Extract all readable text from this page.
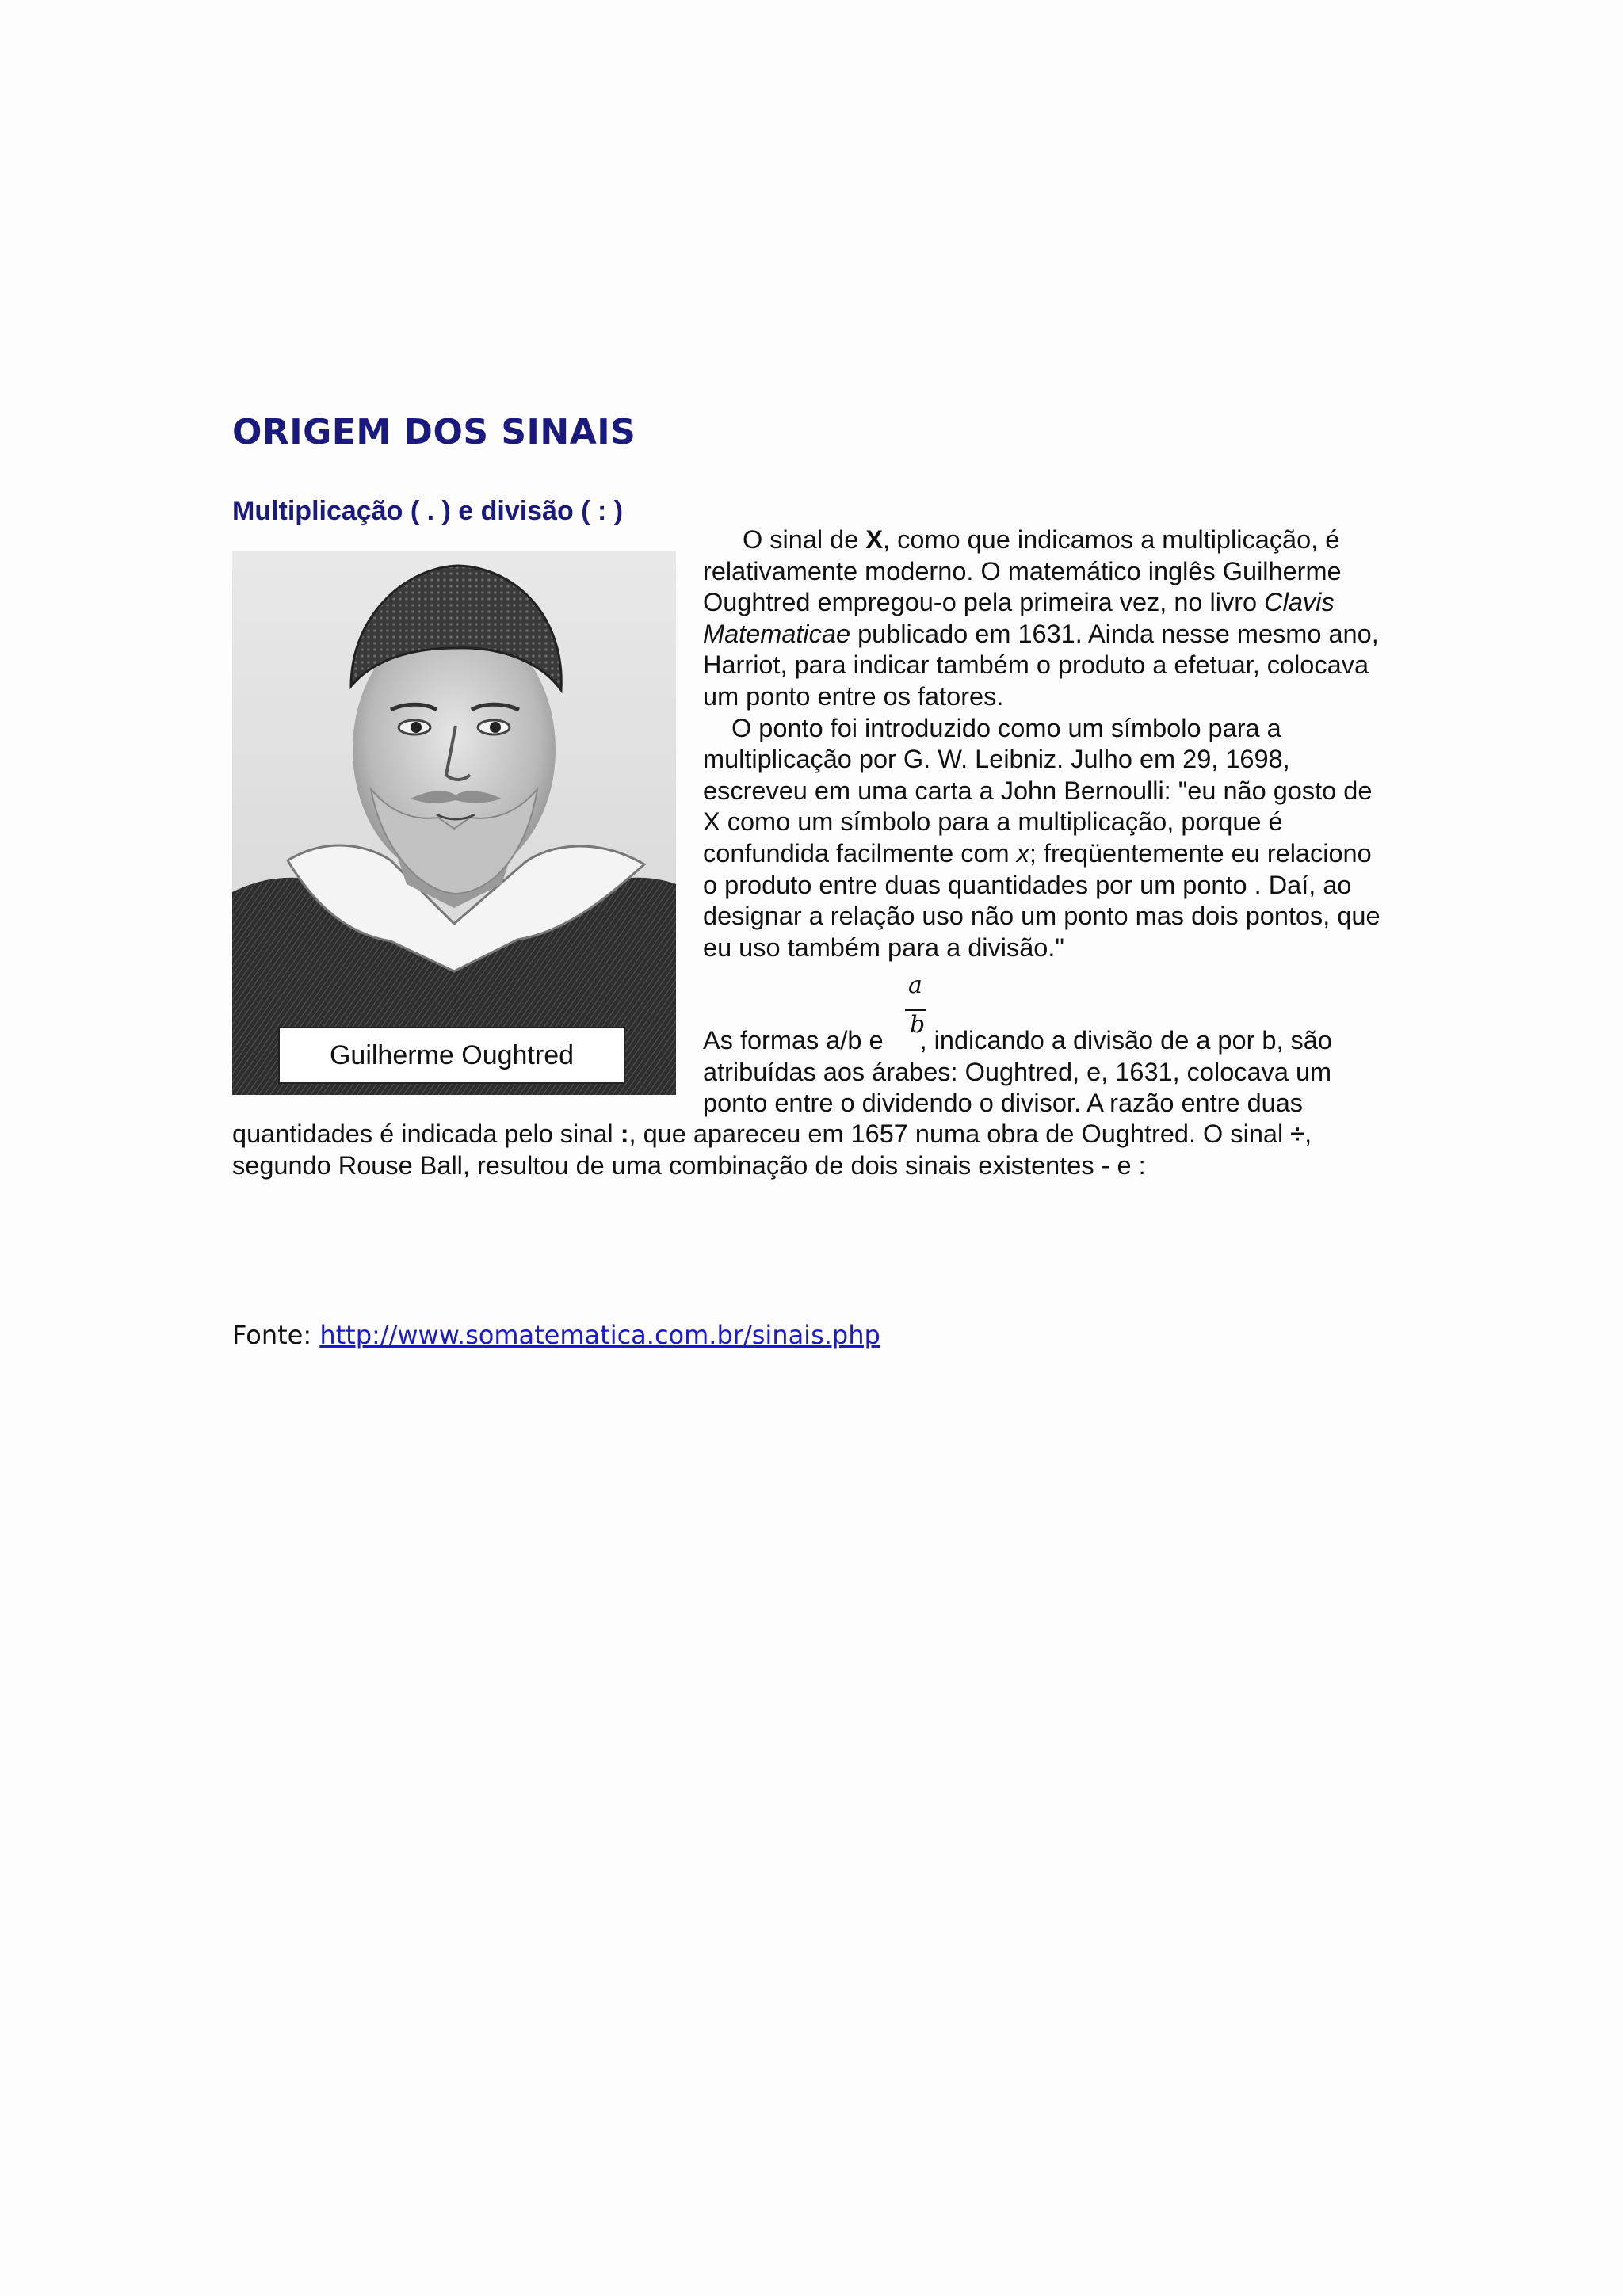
ORIGEM DOS SINAIS
Multiplicação ( . ) e divisão ( : )
Guilherme Oughtred

O sinal de X, como que indicamos a multiplicação, é relativamente moderno. O matemático inglês Guilherme Oughtred empregou-o pela primeira vez, no livro Clavis Matematicae publicado em 1631. Ainda nesse mesmo ano, Harriot, para indicar também o produto a efetuar, colocava um ponto entre os fatores.

O ponto foi introduzido como um símbolo para a multiplicação por G. W. Leibniz. Julho em 29, 1698, escreveu em uma carta a John Bernoulli: "eu não gosto de X como um símbolo para a multiplicação, porque é confundida facilmente com x; freqüentemente eu relaciono o produto entre duas quantidades por um ponto . Daí, ao designar a relação uso não um ponto mas dois pontos, que eu uso também para a divisão."

a
b

As formas a/b e , indicando a divisão de a por b, são atribuídas aos árabes: Oughtred, e, 1631, colocava um ponto entre o dividendo o divisor. A razão entre duas

quantidades é indicada pelo sinal :, que apareceu em 1657 numa obra de Oughtred. O sinal ÷, segundo Rouse Ball, resultou de uma combinação de dois sinais existentes - e :

Fonte: http://www.somatematica.com.br/sinais.php
